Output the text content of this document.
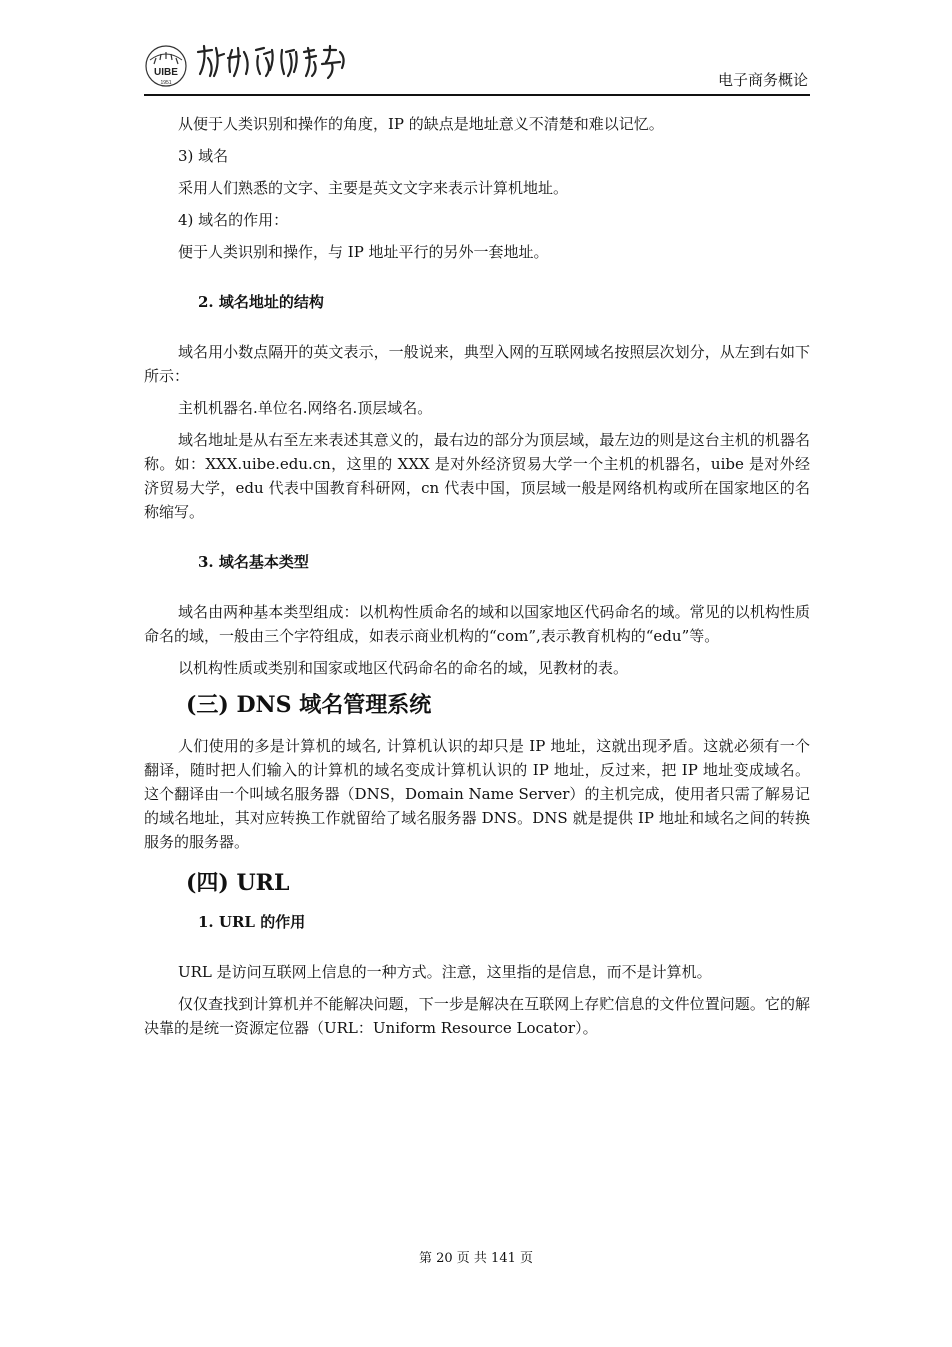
UIBE
1951	电子商务概论

从便于人类识别和操作的角度，IP 的缺点是地址意义不清楚和难以记忆。

3) 域名

采用人们熟悉的文字、主要是英文文字来表示计算机地址。

4) 域名的作用：

便于人类识别和操作，与 IP 地址平行的另外一套地址。

2. 域名地址的结构

域名用小数点隔开的英文表示，一般说来，典型入网的互联网域名按照层次划分，从左到右如下所示：

主机机器名.单位名.网络名.顶层域名。

域名地址是从右至左来表述其意义的，最右边的部分为顶层域，最左边的则是这台主机的机器名称。如：XXX.uibe.edu.cn，这里的 XXX 是对外经济贸易大学一个主机的机器名，uibe 是对外经济贸易大学，edu 代表中国教育科研网，cn 代表中国，顶层域一般是网络机构或所在国家地区的名称缩写。

3. 域名基本类型

域名由两种基本类型组成：以机构性质命名的域和以国家地区代码命名的域。常见的以机构性质命名的域，一般由三个字符组成，如表示商业机构的“com”,表示教育机构的“edu”等。

以机构性质或类别和国家或地区代码命名的命名的域，见教材的表。

(三) DNS 域名管理系统

人们使用的多是计算机的域名, 计算机认识的却只是 IP 地址，这就出现矛盾。这就必须有一个翻译，随时把人们输入的计算机的域名变成计算机认识的 IP 地址，反过来，把 IP 地址变成域名。这个翻译由一个叫域名服务器（DNS，Domain Name Server）的主机完成，使用者只需了解易记的域名地址，其对应转换工作就留给了域名服务器 DNS。DNS 就是提供 IP 地址和域名之间的转换服务的服务器。

(四) URL

1. URL 的作用

URL 是访问互联网上信息的一种方式。注意，这里指的是信息，而不是计算机。

仅仅查找到计算机并不能解决问题，下一步是解决在互联网上存贮信息的文件位置问题。它的解决靠的是统一资源定位器（URL：Uniform Resource Locator）。

第 20 页 共 141 页
